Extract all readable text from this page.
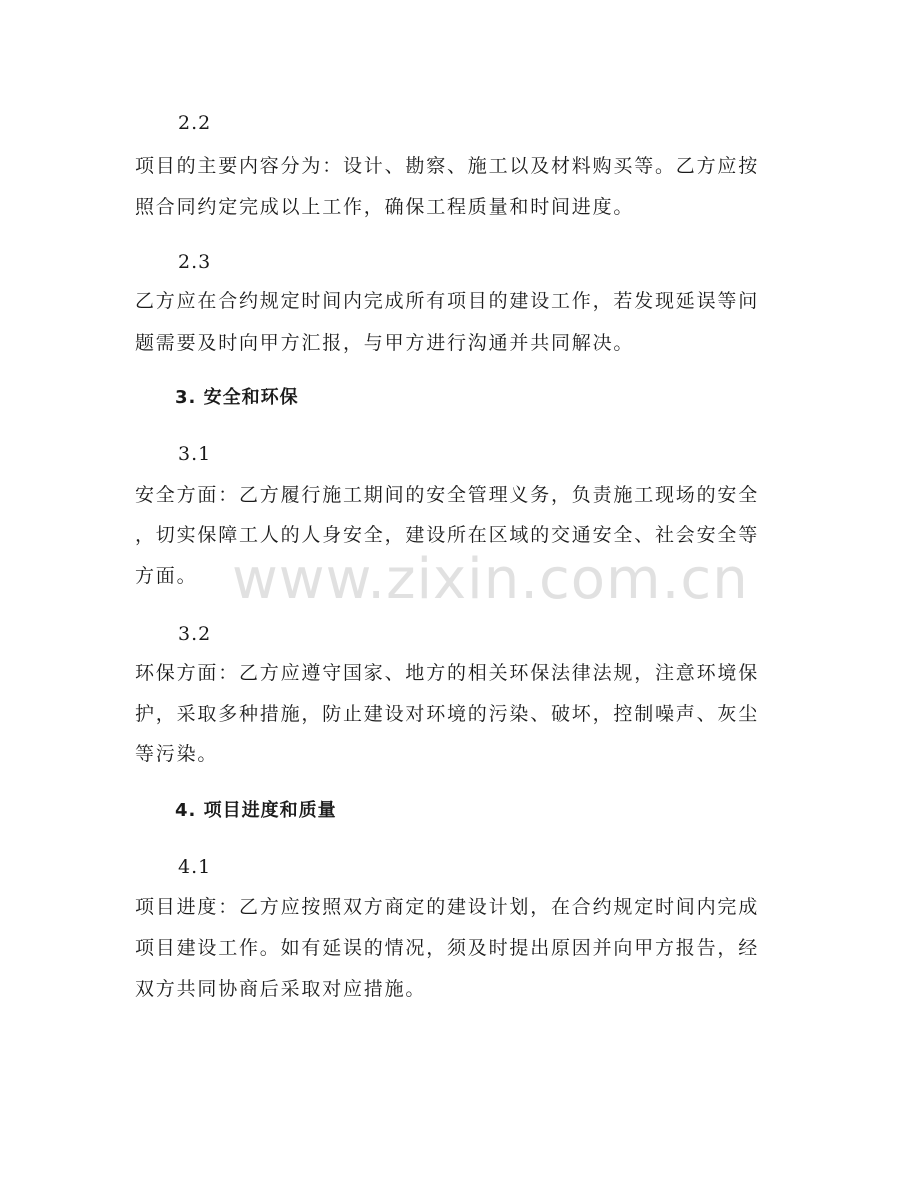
2.2
项目的主要内容分为：设计、勘察、施工以及材料购买等。乙方应按
照合同约定完成以上工作，确保工程质量和时间进度。
2.3
乙方应在合约规定时间内完成所有项目的建设工作，若发现延误等问
题需要及时向甲方汇报，与甲方进行沟通并共同解决。
3. 安全和环保
3.1
安全方面：乙方履行施工期间的安全管理义务，负责施工现场的安全
，切实保障工人的人身安全，建设所在区域的交通安全、社会安全等
方面。
3.2
环保方面：乙方应遵守国家、地方的相关环保法律法规，注意环境保
护，采取多种措施，防止建设对环境的污染、破坏，控制噪声、灰尘
等污染。
4. 项目进度和质量
4.1
项目进度：乙方应按照双方商定的建设计划，在合约规定时间内完成
项目建设工作。如有延误的情况，须及时提出原因并向甲方报告，经
双方共同协商后采取对应措施。
www.zixin.com.cn
